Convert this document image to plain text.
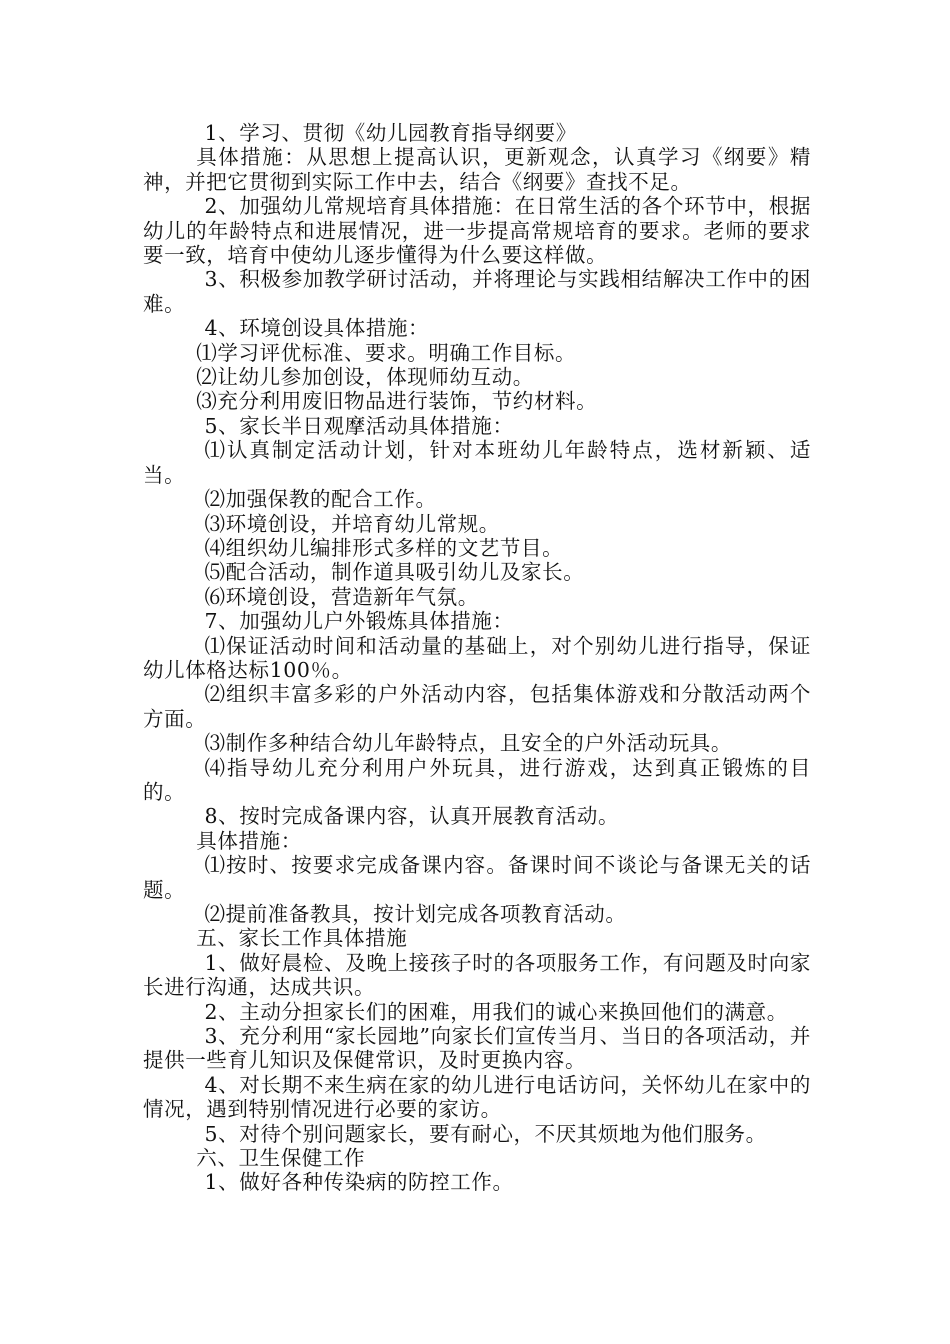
1、学习、贯彻《幼儿园教育指导纲要》

具体措施：从思想上提高认识，更新观念，认真学习《纲要》精神，并把它贯彻到实际工作中去，结合《纲要》查找不足。

2、加强幼儿常规培育具体措施：在日常生活的各个环节中，根据幼儿的年龄特点和进展情况，进一步提高常规培育的要求。老师的要求要一致，培育中使幼儿逐步懂得为什么要这样做。

3、积极参加教学研讨活动，并将理论与实践相结解决工作中的困难。

4、环境创设具体措施：

⑴学习评优标准、要求。明确工作目标。

⑵让幼儿参加创设，体现师幼互动。

⑶充分利用废旧物品进行装饰，节约材料。

5、家长半日观摩活动具体措施：

⑴认真制定活动计划，针对本班幼儿年龄特点，选材新颖、适当。

⑵加强保教的配合工作。

⑶环境创设，并培育幼儿常规。

⑷组织幼儿编排形式多样的文艺节目。

⑸配合活动，制作道具吸引幼儿及家长。

⑹环境创设，营造新年气氛。

7、加强幼儿户外锻炼具体措施：

⑴保证活动时间和活动量的基础上，对个别幼儿进行指导，保证幼儿体格达标100％。

⑵组织丰富多彩的户外活动内容，包括集体游戏和分散活动两个方面。

⑶制作多种结合幼儿年龄特点，且安全的户外活动玩具。

⑷指导幼儿充分利用户外玩具，进行游戏，达到真正锻炼的目的。

8、按时完成备课内容，认真开展教育活动。

具体措施：

⑴按时、按要求完成备课内容。备课时间不谈论与备课无关的话题。

⑵提前准备教具，按计划完成各项教育活动。

五、家长工作具体措施

1、做好晨检、及晚上接孩子时的各项服务工作，有问题及时向家长进行沟通，达成共识。

2、主动分担家长们的困难，用我们的诚心来换回他们的满意。

3、充分利用“家长园地”向家长们宣传当月、当日的各项活动，并提供一些育儿知识及保健常识，及时更换内容。

4、对长期不来生病在家的幼儿进行电话访问，关怀幼儿在家中的情况，遇到特别情况进行必要的家访。

5、对待个别问题家长，要有耐心，不厌其烦地为他们服务。

六、卫生保健工作

1、做好各种传染病的防控工作。
